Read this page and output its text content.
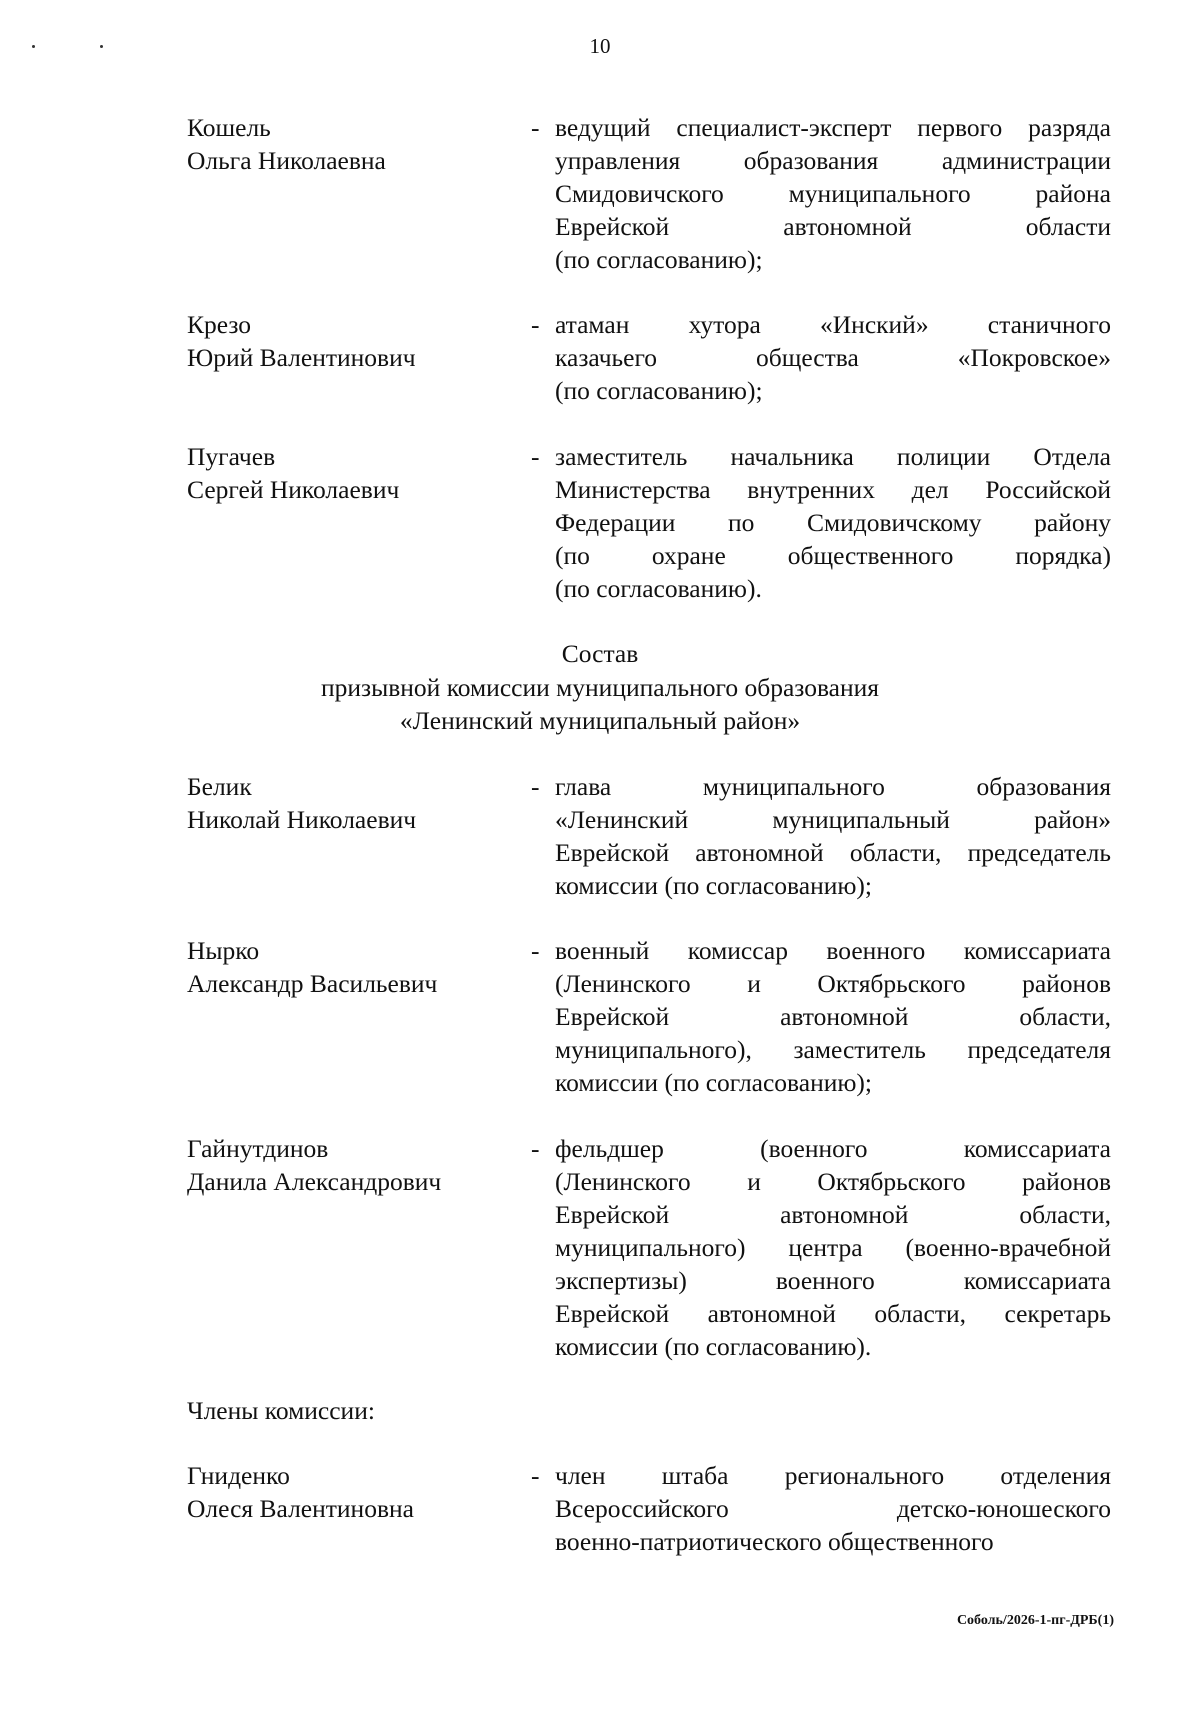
10
Кошель
Ольга Николаевна
- ведущий специалист-эксперт первого разряда
управления образования администрации
Смидовичского муниципального района
Еврейской автономной области
(по согласованию);
Крезо
Юрий Валентинович
- атаман хутора «Инский» станичного
казачьего общества «Покровское»
(по согласованию);
Пугачев
Сергей Николаевич
- заместитель начальника полиции Отдела
Министерства внутренних дел Российской
Федерации по Смидовичскому району
(по охране общественного порядка)
(по согласованию).
Состав
призывной комиссии муниципального образования
«Ленинский муниципальный район»
Белик
Николай Николаевич
- глава муниципального образования
«Ленинский муниципальный район»
Еврейской автономной области, председатель
комиссии (по согласованию);
Нырко
Александр Васильевич
- военный комиссар военного комиссариата
(Ленинского и Октябрьского районов
Еврейской автономной области,
муниципального), заместитель председателя
комиссии (по согласованию);
Гайнутдинов
Данила Александрович
- фельдшер (военного комиссариата
(Ленинского и Октябрьского районов
Еврейской автономной области,
муниципального) центра (военно-врачебной
экспертизы) военного комиссариата
Еврейской автономной области, секретарь
комиссии (по согласованию).
Члены комиссии:
Гниденко
Олеся Валентиновна
- член штаба регионального отделения
Всероссийского детско-юношеского
военно-патриотического общественного
Соболь/2026-1-пг-ДРБ(1)
